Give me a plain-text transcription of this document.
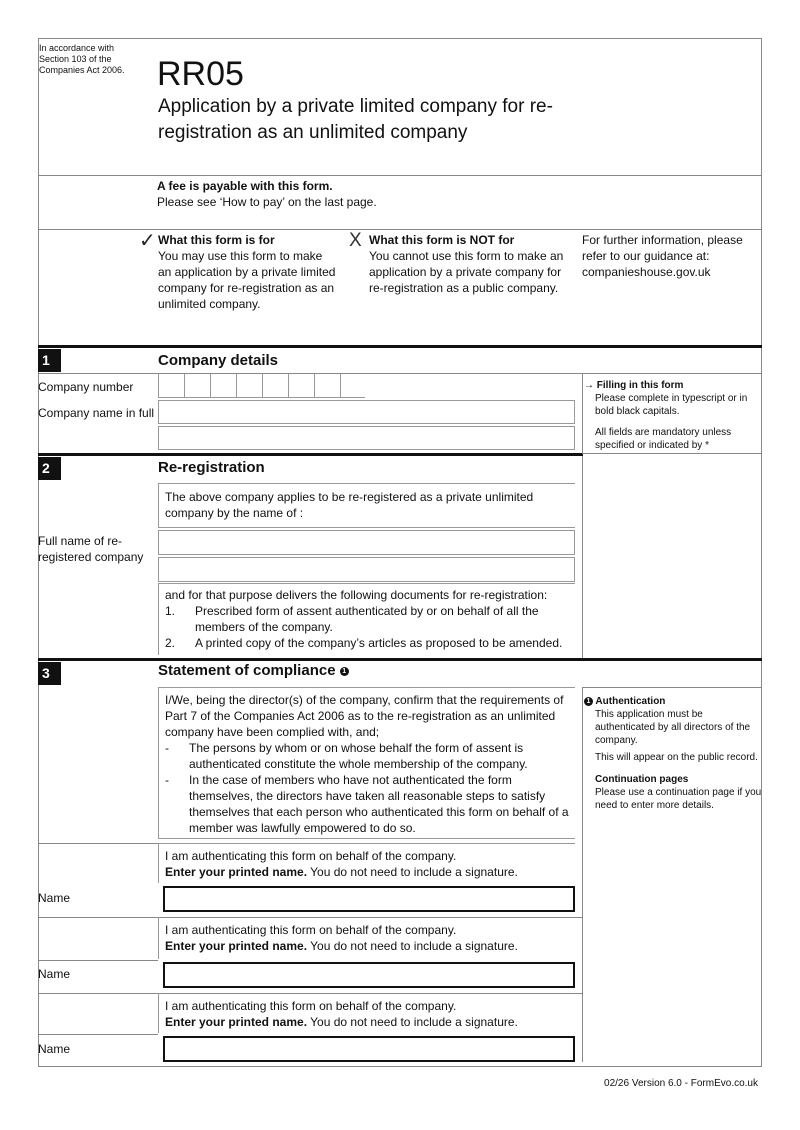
In accordance with Section 103 of the Companies Act 2006. RR05
Application by a private limited company for re-registration as an unlimited company
A fee is payable with this form.
Please see ‘How to pay’ on the last page.
✓ What this form is for
You may use this form to make an application by a private limited company for re-registration as an unlimited company.
X What this form is NOT for
You cannot use this form to make an application by a private company for re-registration as a public company.
For further information, please refer to our guidance at: companieshouse.gov.uk
1	Company details
Company number
Company name in full
→ Filling in this form
Please complete in typescript or in bold black capitals.
All fields are mandatory unless specified or indicated by *
2	Re-registration
The above company applies to be re-registered as a private unlimited company by the name of :
Full name of re-registered company
and for that purpose delivers the following documents for re-registration:
1.	Prescribed form of assent authenticated by or on behalf of all the members of the company.
2.	A printed copy of the company’s articles as proposed to be amended.
3	Statement of compliance 1
I/We, being the director(s) of the company, confirm that the requirements of Part 7 of the Companies Act 2006 as to the re-registration as an unlimited company have been complied with, and;
-	The persons by whom or on whose behalf the form of assent is authenticated constitute the whole membership of the company.
-	In the case of members who have not authenticated the form themselves, the directors have taken all reasonable steps to satisfy themselves that each person who authenticated this form on behalf of a member was lawfully empowered to do so.
1 Authentication
This application must be authenticated by all directors of the company.
This will appear on the public record.
Continuation pages
Please use a continuation page if you need to enter more details.
I am authenticating this form on behalf of the company.
Enter your printed name. You do not need to include a signature.
Name
I am authenticating this form on behalf of the company.
Enter your printed name. You do not need to include a signature.
Name
I am authenticating this form on behalf of the company.
Enter your printed name. You do not need to include a signature.
Name
02/26 Version 6.0 - FormEvo.co.uk
